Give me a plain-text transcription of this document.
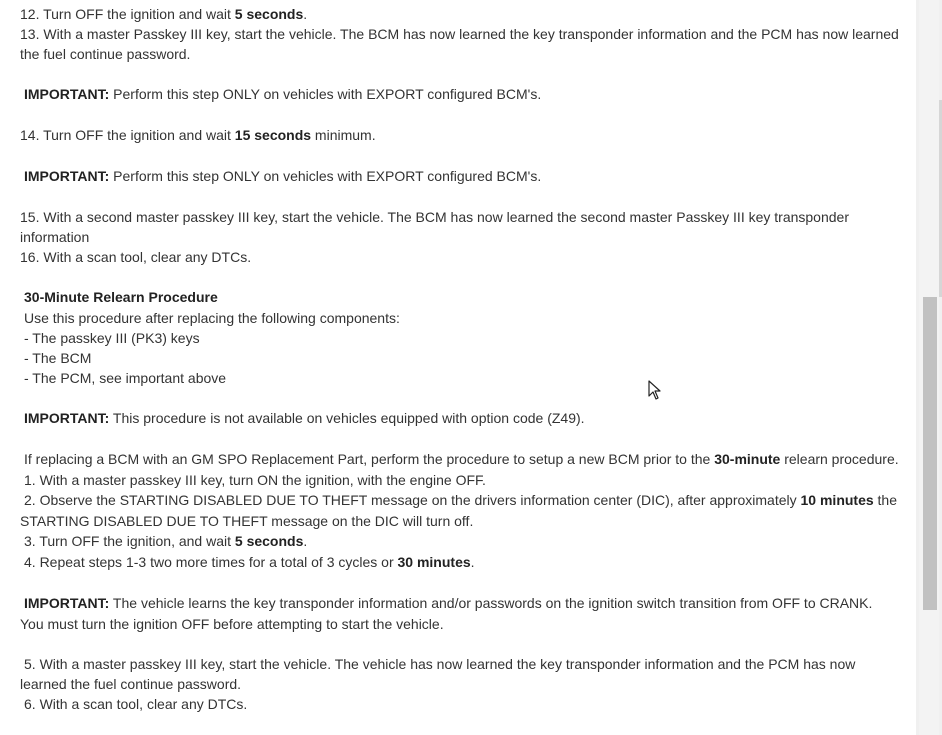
12. Turn OFF the ignition and wait 5 seconds.
13. With a master Passkey III key, start the vehicle. The BCM has now learned the key transponder information and the PCM has now learned
the fuel continue password.
IMPORTANT: Perform this step ONLY on vehicles with EXPORT configured BCM's.
14. Turn OFF the ignition and wait 15 seconds minimum.
IMPORTANT: Perform this step ONLY on vehicles with EXPORT configured BCM's.
15. With a second master passkey III key, start the vehicle. The BCM has now learned the second master Passkey III key transponder
information
16. With a scan tool, clear any DTCs.
30-Minute Relearn Procedure
Use this procedure after replacing the following components:
- The passkey III (PK3) keys
- The BCM
- The PCM, see important above
IMPORTANT: This procedure is not available on vehicles equipped with option code (Z49).
If replacing a BCM with an GM SPO Replacement Part, perform the procedure to setup a new BCM prior to the 30-minute relearn procedure.
1. With a master passkey III key, turn ON the ignition, with the engine OFF.
2. Observe the STARTING DISABLED DUE TO THEFT message on the drivers information center (DIC), after approximately 10 minutes the
STARTING DISABLED DUE TO THEFT message on the DIC will turn off.
3. Turn OFF the ignition, and wait 5 seconds.
4. Repeat steps 1-3 two more times for a total of 3 cycles or 30 minutes.
IMPORTANT: The vehicle learns the key transponder information and/or passwords on the ignition switch transition from OFF to CRANK.
You must turn the ignition OFF before attempting to start the vehicle.
5. With a master passkey III key, start the vehicle. The vehicle has now learned the key transponder information and the PCM has now
learned the fuel continue password.
6. With a scan tool, clear any DTCs.
